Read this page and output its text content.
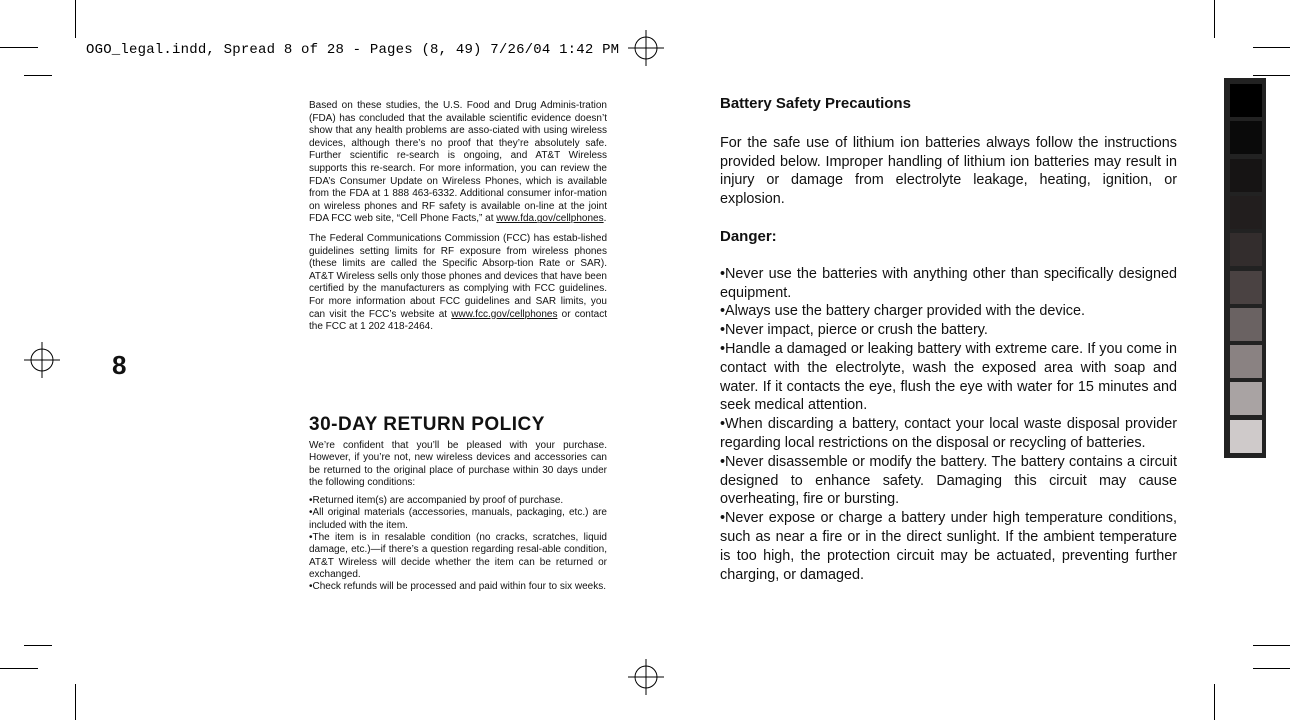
OGO_legal.indd, Spread 8 of 28 - Pages (8, 49) 7/26/04 1:42 PM
8

Based on these studies, the U.S. Food and Drug Adminis-tration (FDA) has concluded that the available scientific evidence doesn’t show that any health problems are asso-ciated with using wireless devices, although there’s no proof that they’re absolutely safe. Further scientific re-search is ongoing, and AT&T Wireless supports this re-search. For more information, you can review the FDA’s Consumer Update on Wireless Phones, which is available from the FDA at 1 888 463-6332. Additional consumer infor-mation on wireless phones and RF safety is available on-line at the joint FDA FCC web site, “Cell Phone Facts,” at www.fda.gov/cellphones.

The Federal Communications Commission (FCC) has estab-lished guidelines setting limits for RF exposure from wireless phones (these limits are called the Specific Absorp-tion Rate or SAR). AT&T Wireless sells only those phones and devices that have been certified by the manufacturers as complying with FCC guidelines. For more information about FCC guidelines and SAR limits, you can visit the FCC’s website at www.fcc.gov/cellphones or contact the FCC at 1 202 418-2464.

30-DAY RETURN POLICY

We’re confident that you’ll be pleased with your purchase. However, if you’re not, new wireless devices and accessories can be returned to the original place of purchase within 30 days under the following conditions:

•Returned item(s) are accompanied by proof of purchase.

•All original materials (accessories, manuals, packaging, etc.) are included with the item.

•The item is in resalable condition (no cracks, scratches, liquid damage, etc.)—if there’s a question regarding resal-able condition, AT&T Wireless will decide whether the item can be returned or exchanged.

•Check refunds will be processed and paid within four to six weeks.

Battery Safety Precautions

For the safe use of lithium ion batteries always follow the instructions provided below. Improper handling of lithium ion batteries may result in injury or damage from electrolyte leakage, heating, ignition, or explosion.

Danger:

•Never use the batteries with anything other than specifically designed equipment.

•Always use the battery charger provided with the device.

•Never impact, pierce or crush the battery.

•Handle a damaged or leaking battery with extreme care. If you come in contact with the electrolyte, wash the exposed area with soap and water. If it contacts the eye, flush the eye with water for 15 minutes and seek medical attention.

•When discarding a battery, contact your local waste disposal provider regarding local restrictions on the disposal or recycling of batteries.

•Never disassemble or modify the battery. The battery contains a circuit designed to enhance safety. Damaging this circuit may cause overheating, fire or bursting.

•Never expose or charge a battery under high temperature conditions, such as near a fire or in the direct sunlight. If the ambient temperature is too high, the protection circuit may be actuated, preventing further charging, or damaged.
